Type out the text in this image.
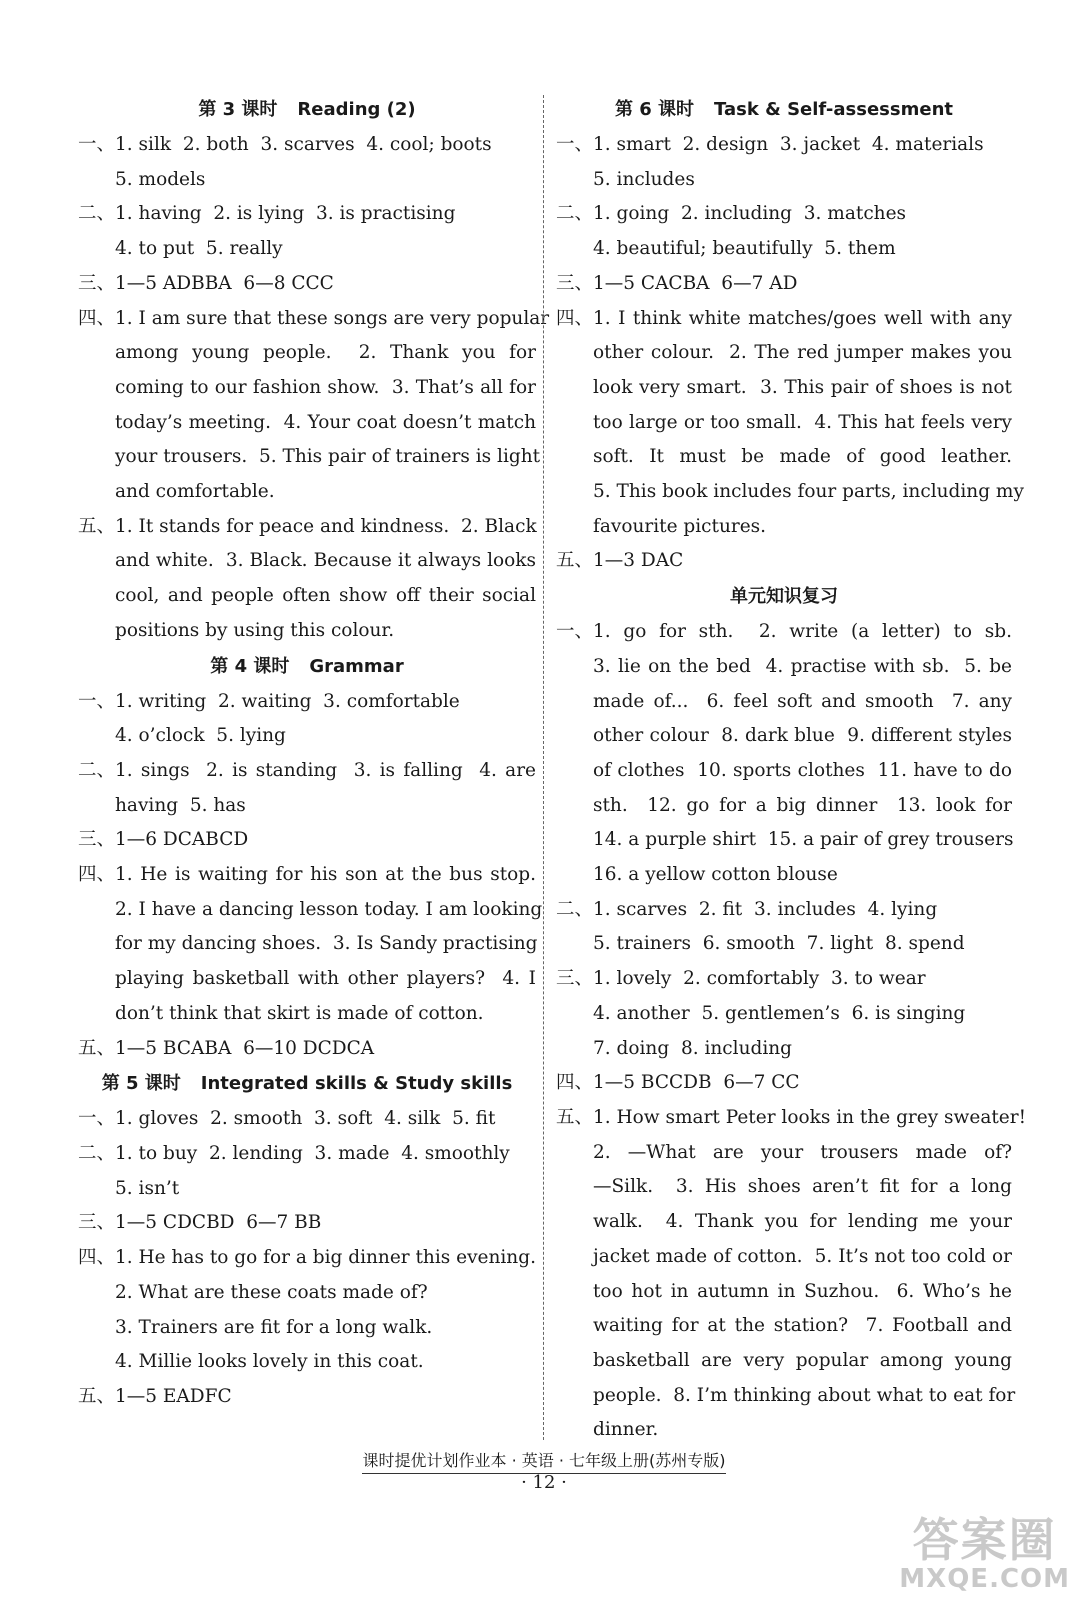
第 3 课时 Reading (2)
一、 1. silk  2. both  3. scarves  4. cool; boots
5. models
二、 1. having  2. is lying  3. is practising
4. to put  5. really
三、 1—5 ADBBA  6—8 CCC
四、 1. I am sure that these songs are very popular
among young people.  2. Thank you for
coming to our fashion show.  3. That’s all for
today’s meeting.  4. Your coat doesn’t match
your trousers.  5. This pair of trainers is light
and comfortable.
五、 1. It stands for peace and kindness.  2. Black
and white.  3. Black. Because it always looks
cool, and people often show off their social
positions by using this colour.
第 4 课时 Grammar
一、 1. writing  2. waiting  3. comfortable
4. o’clock  5. lying
二、 1. sings  2. is standing  3. is falling  4. are
having  5. has
三、 1—6 DCABCD
四、 1. He is waiting for his son at the bus stop.
2. I have a dancing lesson today. I am looking
for my dancing shoes.  3. Is Sandy practising
playing basketball with other players?  4. I
don’t think that skirt is made of cotton.
五、 1—5 BCABA  6—10 DCDCA
第 5 课时 Integrated skills & Study skills
一、 1. gloves  2. smooth  3. soft  4. silk  5. fit
二、 1. to buy  2. lending  3. made  4. smoothly
5. isn’t
三、 1—5 CDCBD  6—7 BB
四、 1. He has to go for a big dinner this evening.
2. What are these coats made of?
3. Trainers are fit for a long walk.
4. Millie looks lovely in this coat.
五、 1—5 EADFC
第 6 课时 Task & Self-assessment
一、 1. smart  2. design  3. jacket  4. materials
5. includes
二、 1. going  2. including  3. matches
4. beautiful; beautifully  5. them
三、 1—5 CACBA  6—7 AD
四、 1. I think white matches/goes well with any
other colour.  2. The red jumper makes you
look very smart.  3. This pair of shoes is not
too large or too small.  4. This hat feels very
soft. It must be made of good leather.
5. This book includes four parts, including my
favourite pictures.
五、 1—3 DAC
单元知识复习
一、 1. go for sth.  2. write (a letter) to sb.
3. lie on the bed  4. practise with sb.  5. be
made of...  6. feel soft and smooth  7. any
other colour  8. dark blue  9. different styles
of clothes  10. sports clothes  11. have to do
sth.  12. go for a big dinner  13. look for
14. a purple shirt  15. a pair of grey trousers
16. a yellow cotton blouse
二、 1. scarves  2. fit  3. includes  4. lying
5. trainers  6. smooth  7. light  8. spend
三、 1. lovely  2. comfortably  3. to wear
4. another  5. gentlemen’s  6. is singing
7. doing  8. including
四、 1—5 BCCDB  6—7 CC
五、 1. How smart Peter looks in the grey sweater!
2. —What are your trousers made of?
—Silk.  3. His shoes aren’t fit for a long
walk.  4. Thank you for lending me your
jacket made of cotton.  5. It’s not too cold or
too hot in autumn in Suzhou.  6. Who’s he
waiting for at the station?  7. Football and
basketball are very popular among young
people.  8. I’m thinking about what to eat for
dinner.
课时提优计划作业本 · 英语 · 七年级上册(苏州专版)
· 12 ·
答案圈
MXQE.COM
